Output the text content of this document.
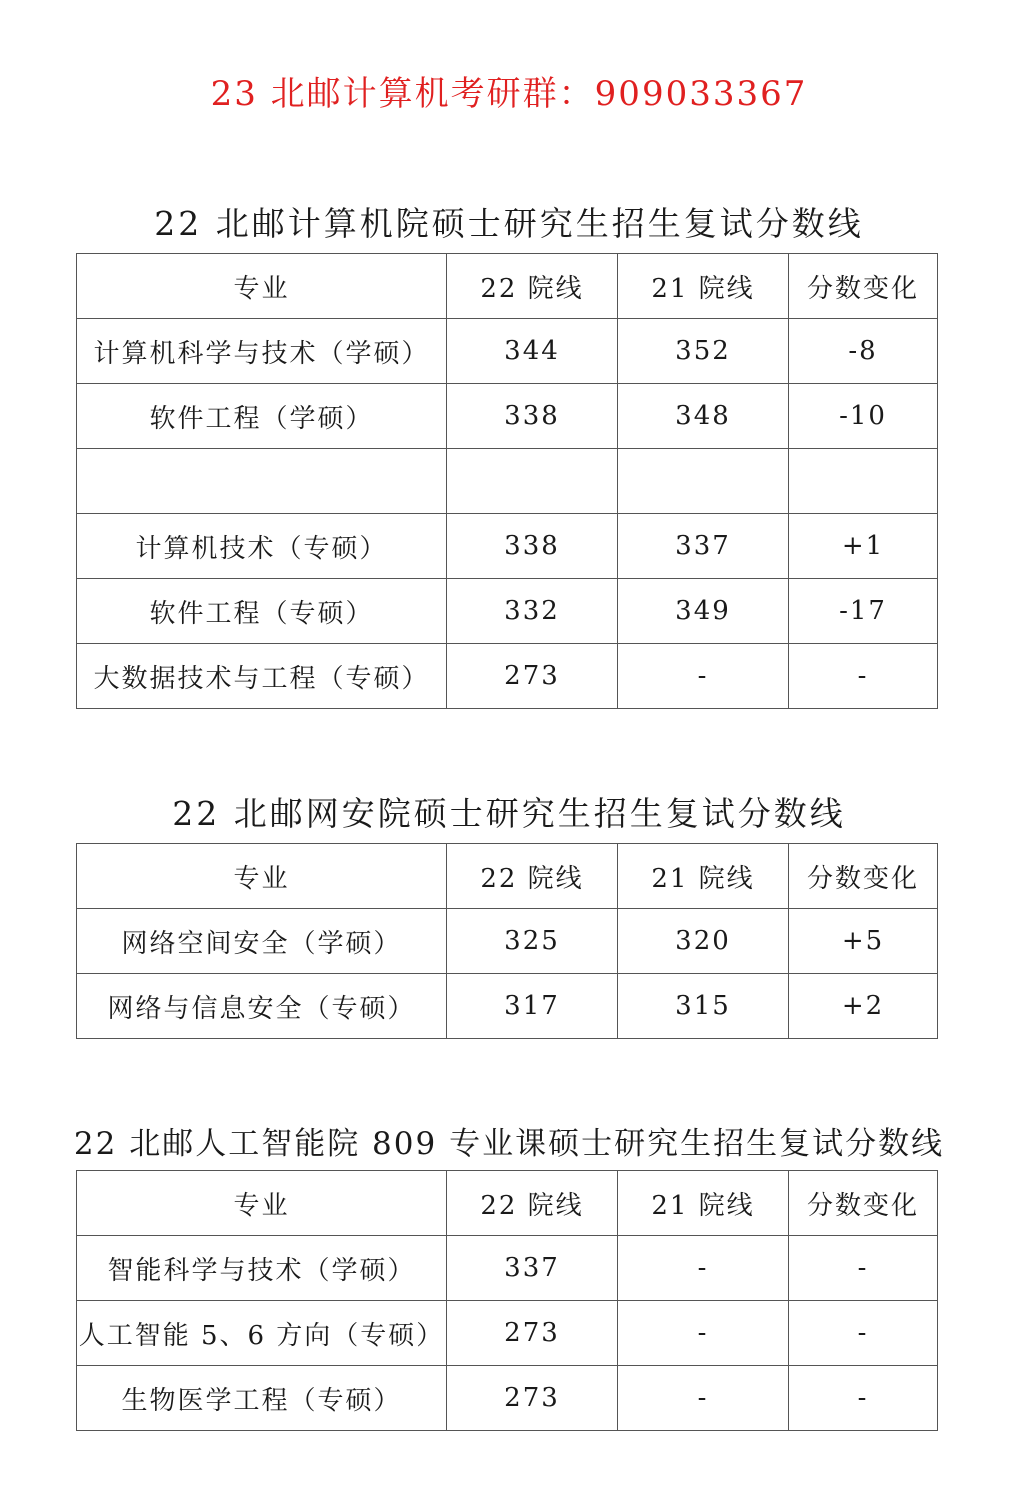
23 北邮计算机考研群：909033367
22 北邮计算机院硕士研究生招生复试分数线
专业	22 院线	21 院线	分数变化
计算机科学与技术（学硕）	344	352	-8
软件工程（学硕）	338	348	-10

计算机技术（专硕）	338	337	+1
软件工程（专硕）	332	349	-17
大数据技术与工程（专硕）	273	-	-
22 北邮网安院硕士研究生招生复试分数线
专业	22 院线	21 院线	分数变化
网络空间安全（学硕）	325	320	+5
网络与信息安全（专硕）	317	315	+2
22 北邮人工智能院 809 专业课硕士研究生招生复试分数线
专业	22 院线	21 院线	分数变化
智能科学与技术（学硕）	337	-	-
人工智能 5、6 方向（专硕）	273	-	-
生物医学工程（专硕）	273	-	-
